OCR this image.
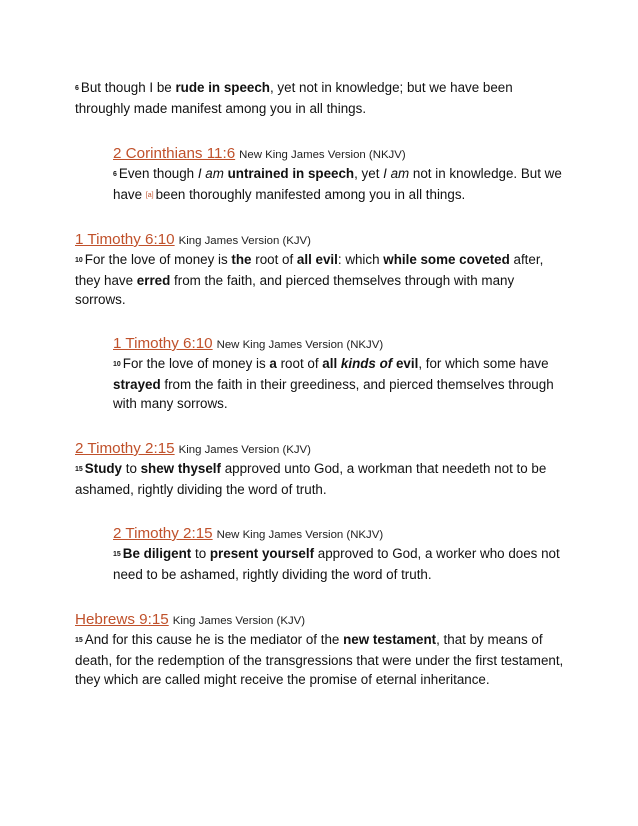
6 But though I be rude in speech, yet not in knowledge; but we have been throughly made manifest among you in all things.

2 Corinthians 11:6 New King James Version (NKJV)

6 Even though I am untrained in speech, yet I am not in knowledge. But we have [a] been thoroughly manifested among you in all things.

1 Timothy 6:10 King James Version (KJV)

10 For the love of money is the root of all evil: which while some coveted after, they have erred from the faith, and pierced themselves through with many sorrows.

1 Timothy 6:10 New King James Version (NKJV)

10 For the love of money is a root of all kinds of evil, for which some have strayed from the faith in their greediness, and pierced themselves through with many sorrows.

2 Timothy 2:15 King James Version (KJV)

15 Study to shew thyself approved unto God, a workman that needeth not to be ashamed, rightly dividing the word of truth.

2 Timothy 2:15 New King James Version (NKJV)

15 Be diligent to present yourself approved to God, a worker who does not need to be ashamed, rightly dividing the word of truth.

Hebrews 9:15 King James Version (KJV)

15 And for this cause he is the mediator of the new testament, that by means of death, for the redemption of the transgressions that were under the first testament, they which are called might receive the promise of eternal inheritance.
